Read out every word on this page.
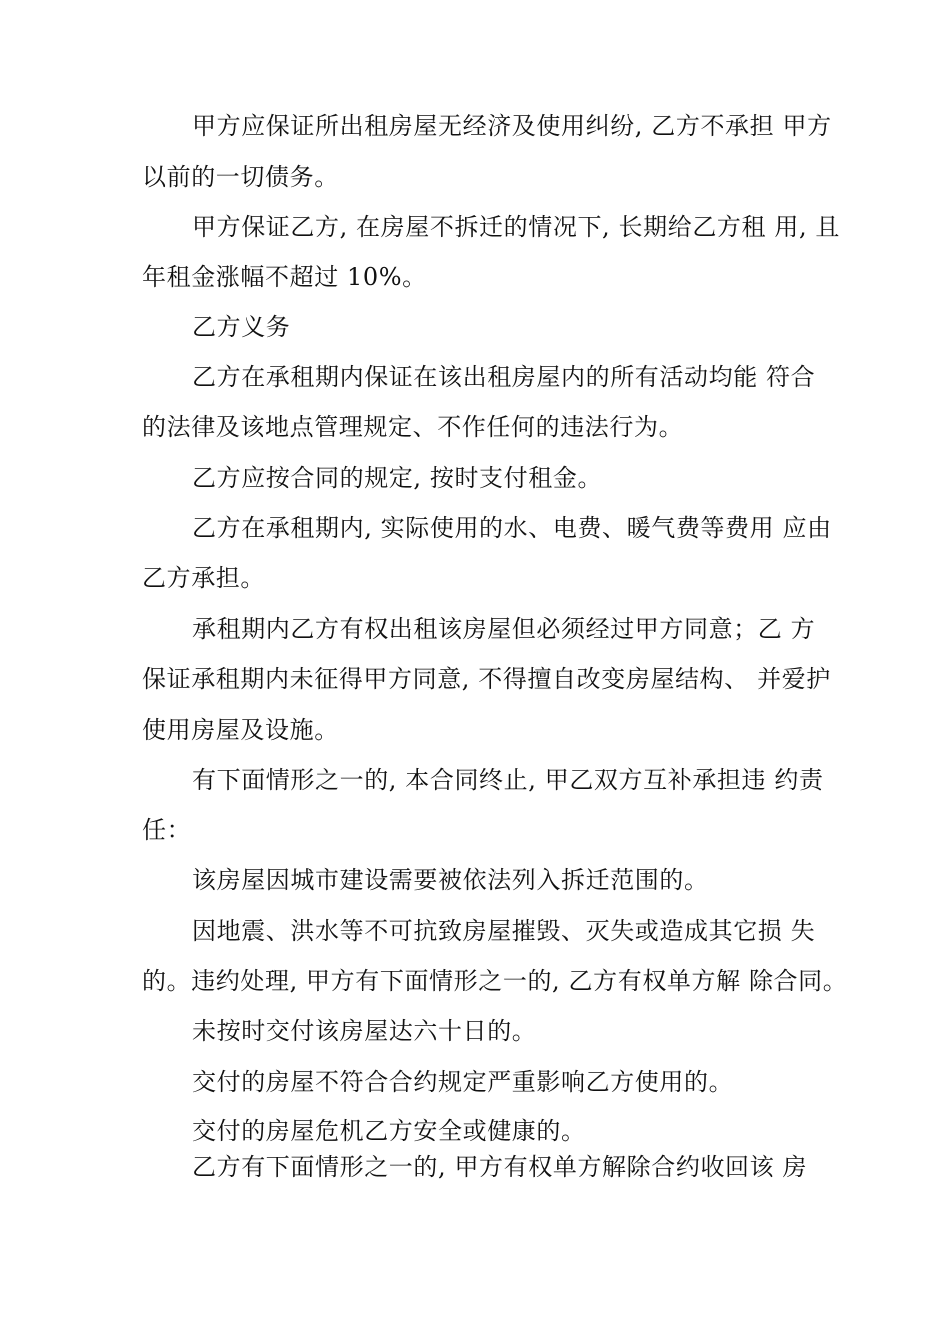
甲方应保证所出租房屋无经济及使用纠纷, 乙方不承担 甲方
以前的一切债务。
甲方保证乙方, 在房屋不拆迁的情况下, 长期给乙方租 用, 且
年租金涨幅不超过 10%。
乙方义务
乙方在承租期内保证在该出租房屋内的所有活动均能 符合
的法律及该地点管理规定、不作任何的违法行为。
乙方应按合同的规定, 按时支付租金。
乙方在承租期内, 实际使用的水、电费、暖气费等费用 应由
乙方承担。
承租期内乙方有权出租该房屋但必须经过甲方同意；乙 方
保证承租期内未征得甲方同意, 不得擅自改变房屋结构、 并爱护
使用房屋及设施。
有下面情形之一的, 本合同终止, 甲乙双方互补承担违 约责
任：
该房屋因城市建设需要被依法列入拆迁范围的。
因地震、洪水等不可抗致房屋摧毁、灭失或造成其它损 失
的。违约处理, 甲方有下面情形之一的, 乙方有权单方解 除合同。
未按时交付该房屋达六十日的。
交付的房屋不符合合约规定严重影响乙方使用的。
交付的房屋危机乙方安全或健康的。
乙方有下面情形之一的, 甲方有权单方解除合约收回该 房
